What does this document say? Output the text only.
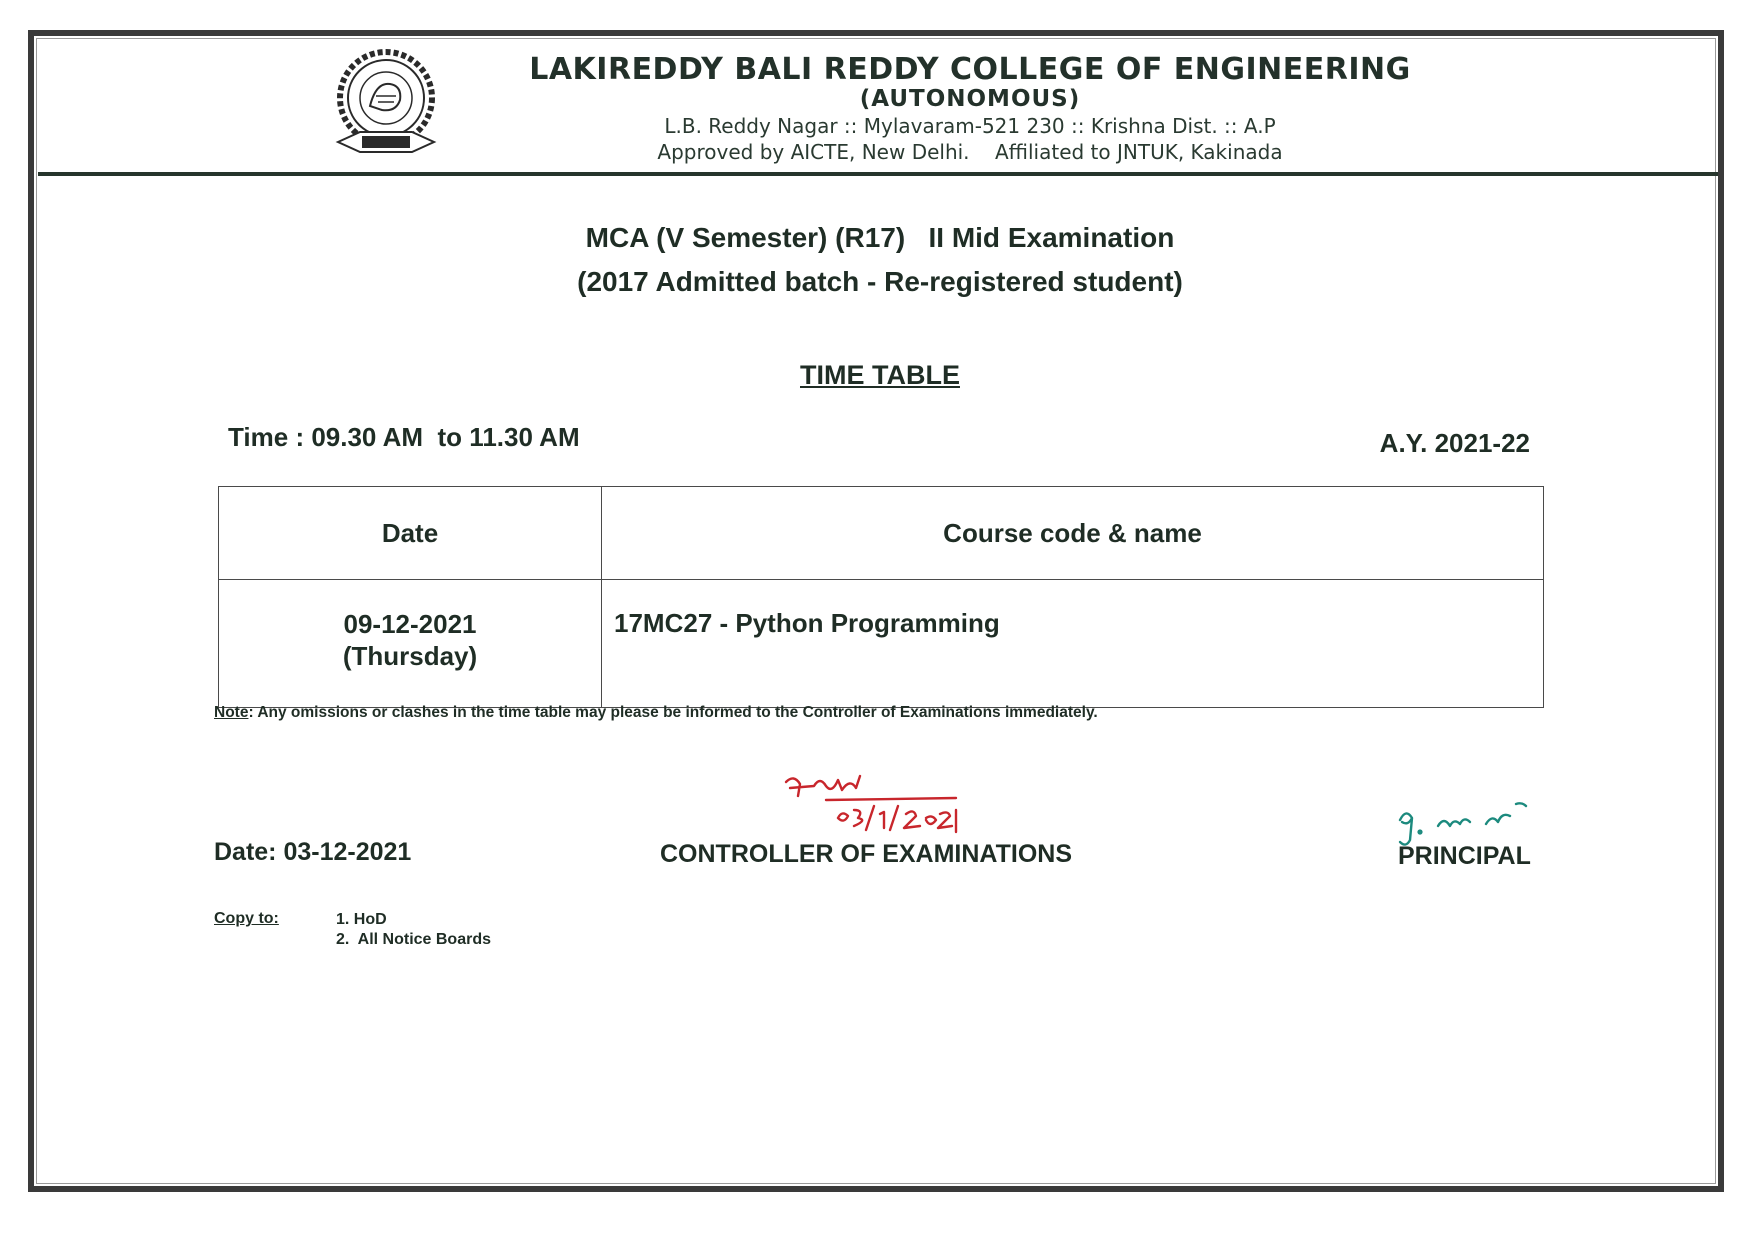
LAKIREDDY BALI REDDY COLLEGE OF ENGINEERING
(AUTONOMOUS)
L.B. Reddy Nagar :: Mylavaram-521 230 :: Krishna Dist. :: A.P
Approved by AICTE, New Delhi.    Affiliated to JNTUK, Kakinada
MCA (V Semester) (R17)   II Mid Examination
(2017 Admitted batch - Re-registered student)
TIME TABLE
Time : 09.30 AM  to 11.30 AM	A.Y. 2021-22
Date	Course code & name

09-12-2021
(Thursday)	17MC27 - Python Programming
Note: Any omissions or clashes in the time table may please be informed to the Controller of Examinations immediately.
Date: 03-12-2021	CONTROLLER OF EXAMINATIONS	PRINCIPAL
Copy to:	1. HoD
2.  All Notice Boards
